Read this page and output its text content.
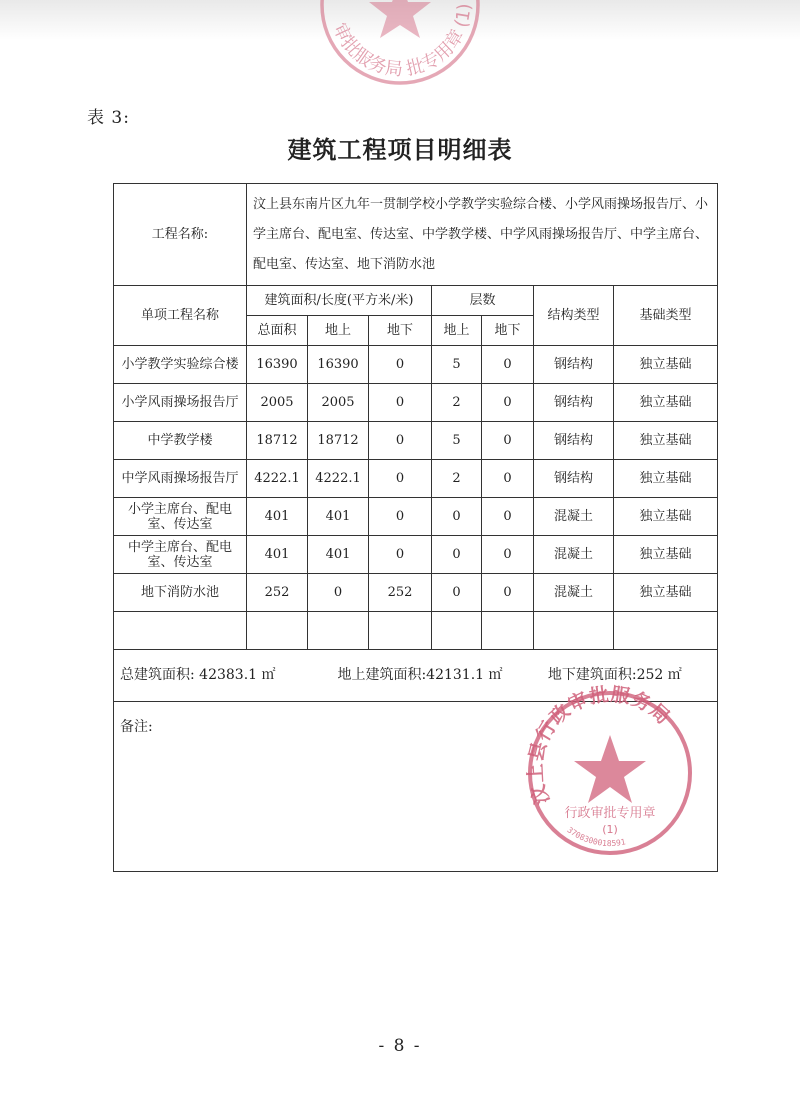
审批服务局 批专用章 (1)
表 3:
建筑工程项目明细表
工程名称:	汶上县东南片区九年一贯制学校小学教学实验综合楼、小学风雨操场报告厅、小学主席台、配电室、传达室、中学教学楼、中学风雨操场报告厅、中学主席台、配电室、传达室、地下消防水池						
单项工程名称	建筑面积/长度(平方米/米)			层数		结构类型	基础类型
	总面积	地上	地下	地上	地下		
小学教学实验综合楼	16390	16390	0	5	0	钢结构	独立基础
小学风雨操场报告厅	2005	2005	0	2	0	钢结构	独立基础
中学教学楼	18712	18712	0	5	0	钢结构	独立基础
中学风雨操场报告厅	4222.1	4222.1	0	2	0	钢结构	独立基础
小学主席台、配电室、传达室	401	401	0	0	0	混凝土	独立基础
中学主席台、配电室、传达室	401	401	0	0	0	混凝土	独立基础
地下消防水池	252	0	252	0	0	混凝土	独立基础

总建筑面积: 42383.1 ㎡ 地上建筑面积:42131.1 ㎡ 地下建筑面积:252 ㎡							
备注:							
汶上县行政审批服务局
行政审批专用章
(1)
3708300018591
- 8 -
